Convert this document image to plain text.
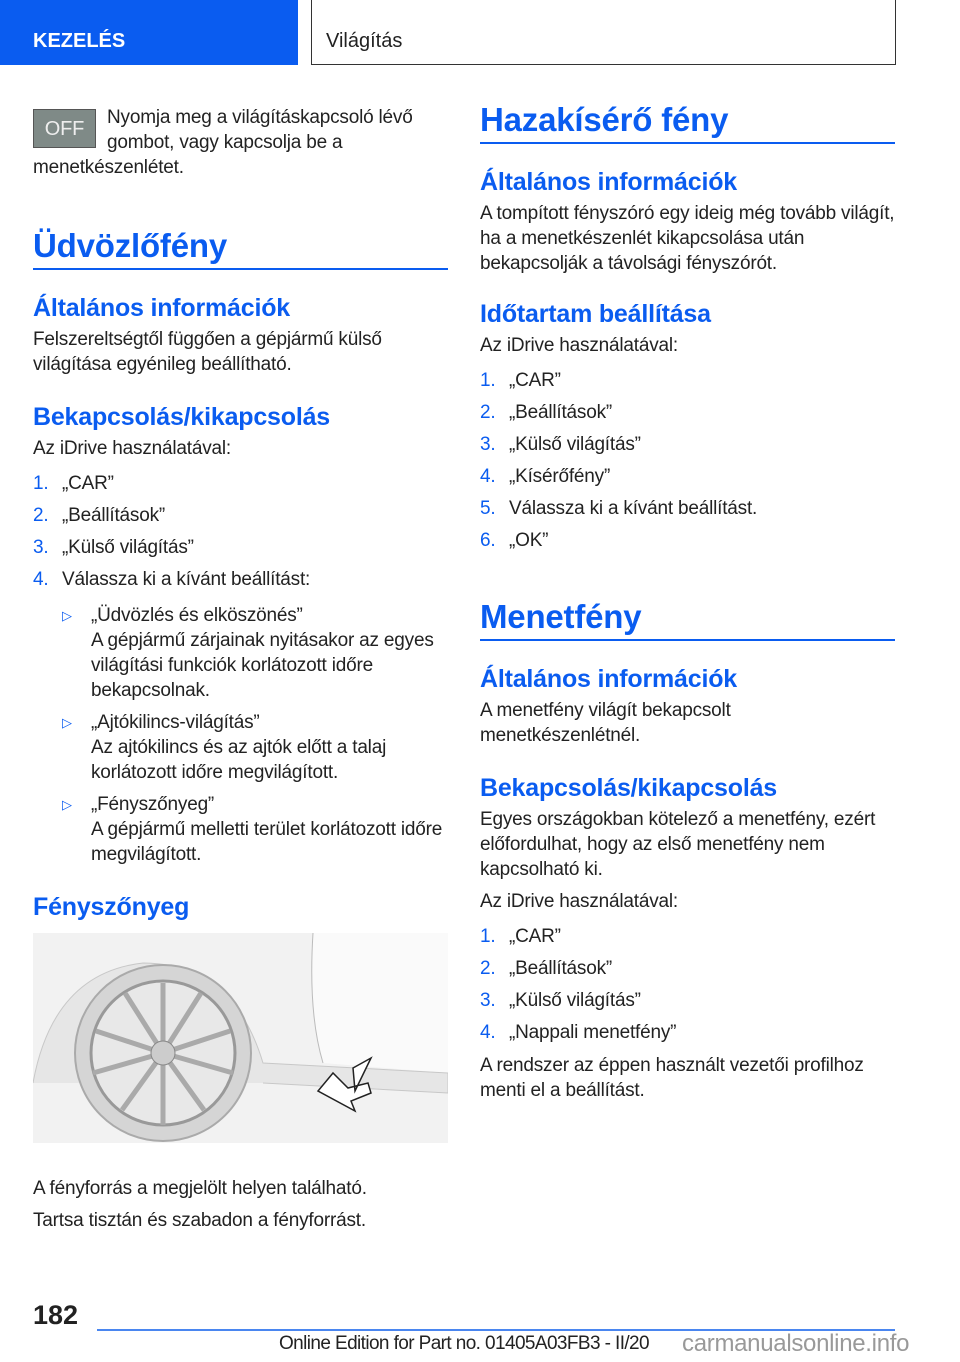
KEZELÉS	Világítás
OFF

Nyomja meg a világításkapcsoló lévő gombot, vagy kapcsolja be a menetkészenlétet.

Üdvözlőfény
Általános információk

Felszereltségtől függően a gépjármű külső világítása egyénileg beállítható.

Bekapcsolás/kikapcsolás

Az iDrive használatával:

1. „CAR”
2. „Beállítások”
3. „Külső világítás”
4. Válassza ki a kívánt beállítást:
▷	„Üdvözlés és elköszönés”

A gépjármű zárjainak nyitásakor az egyes világítási funkciók korlátozott időre bekapcsolnak.

▷	„Ajtókilincs-világítás”

Az ajtókilincs és az ajtók előtt a talaj korlátozott időre megvilágított.

▷	„Fényszőnyeg”

A gépjármű melletti terület korlátozott időre megvilágított.

Fényszőnyeg

A fényforrás a megjelölt helyen található.

Tartsa tisztán és szabadon a fényforrást.

Hazakísérő fény
Általános információk

A tompított fényszóró egy ideig még tovább világít, ha a menetkészenlét kikapcsolása után bekapcsolják a távolsági fényszórót.

Időtartam beállítása

Az iDrive használatával:

1. „CAR”
2. „Beállítások”
3. „Külső világítás”
4. „Kísérőfény”
5. Válassza ki a kívánt beállítást.
6. „OK”
Menetfény
Általános információk

A menetfény világít bekapcsolt menetkészenlétnél.

Bekapcsolás/kikapcsolás

Egyes országokban kötelező a menetfény, ezért előfordulhat, hogy az első menetfény nem kapcsolható ki.

Az iDrive használatával:

1. „CAR”
2. „Beállítások”
3. „Külső világítás”
4. „Nappali menetfény”

A rendszer az éppen használt vezetői profilhoz menti el a beállítást.

182
Online Edition for Part no. 01405A03FB3 - II/20 carmanualsonline.info
